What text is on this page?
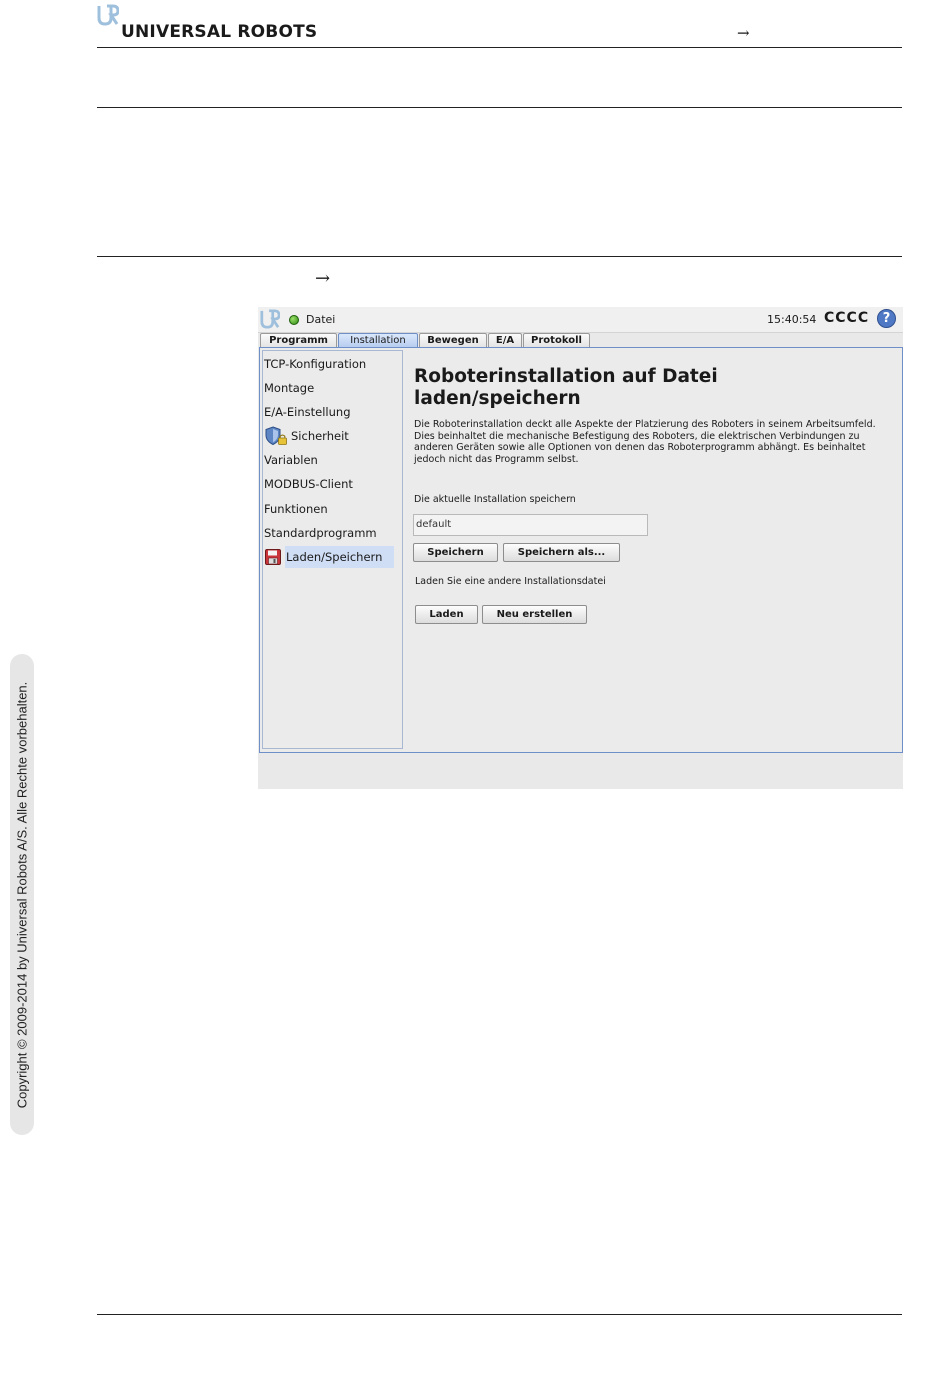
UNIVERSAL ROBOTS	→
→
Copyright © 2009-2014 by Universal Robots A/S. Alle Rechte vorbehalten.
Datei	15:40:54 CCCC	?
Programm	Installation	Bewegen	E/A	Protokoll
TCP-Konfiguration
Montage
E/A-Einstellung
Sicherheit
Variablen
MODBUS-Client
Funktionen
Standardprogramm
Laden/Speichern
Roboterinstallation auf Datei
laden/speichern
Die Roboterinstallation deckt alle Aspekte der Platzierung des Roboters in seinem Arbeitsumfeld. Dies beinhaltet die mechanische Befestigung des Roboters, die elektrischen Verbindungen zu anderen Geräten sowie alle Optionen von denen das Roboterprogramm abhängt. Es beinhaltet jedoch nicht das Programm selbst.
Die aktuelle Installation speichern
default
Speichern	Speichern als...
Laden Sie eine andere Installationsdatei
Laden	Neu erstellen
